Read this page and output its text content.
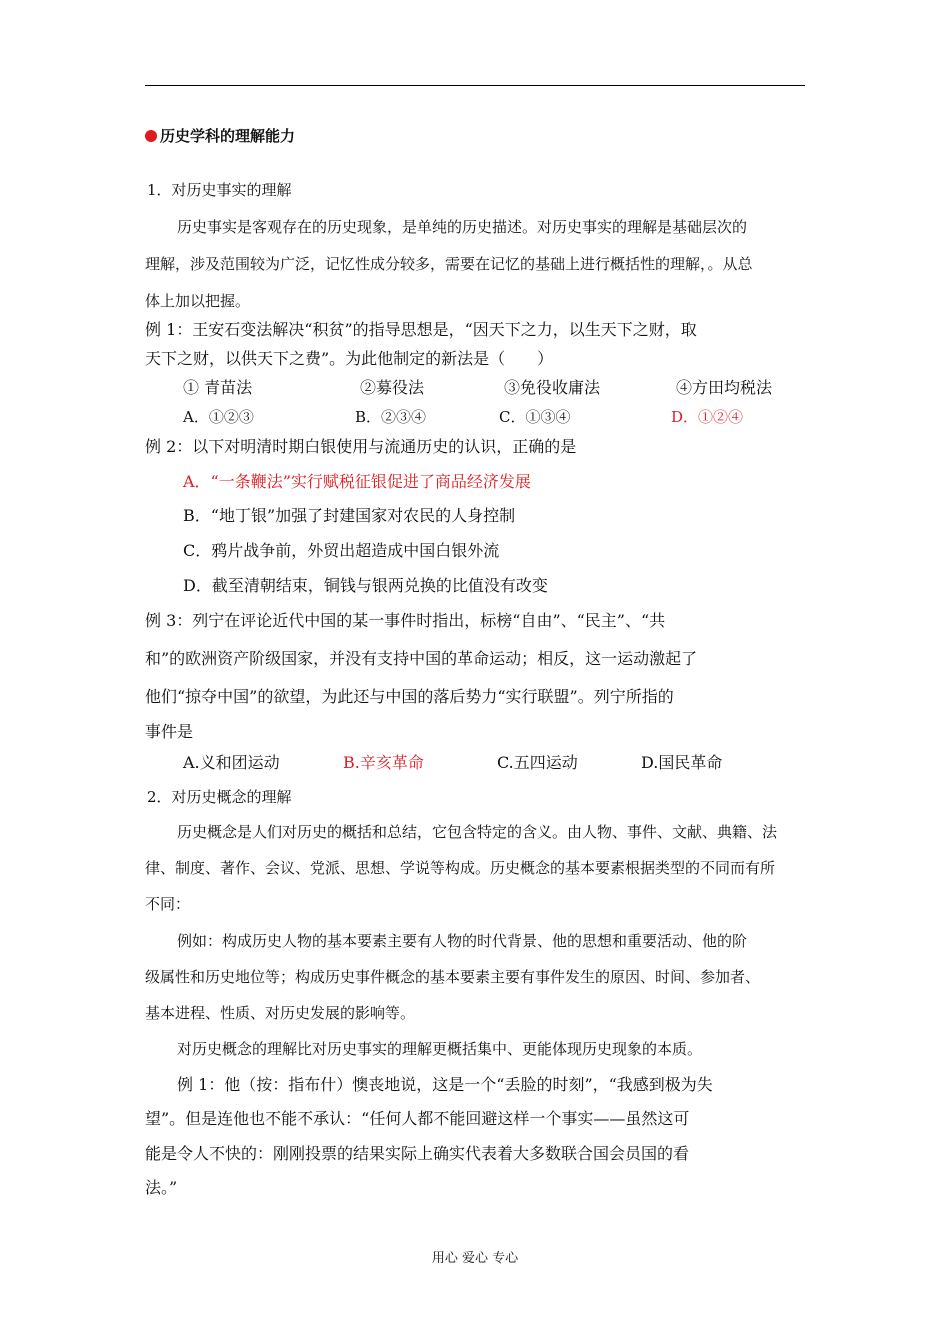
历史学科的理解能力
1．对历史事实的理解
历史事实是客观存在的历史现象，是单纯的历史描述。对历史事实的理解是基础层次的
理解，涉及范围较为广泛，记忆性成分较多，需要在记忆的基础上进行概括性的理解，。从总
体上加以把握。
例 1：王安石变法解决“积贫”的指导思想是，“因天下之力，以生天下之财，取
天下之财，以供天下之费”。为此他制定的新法是（　　）
① 青苗法	②募役法	③免役收庸法	④方田均税法
A．①②③	B．②③④	C．①③④	D．①②④
例 2：以下对明清时期白银使用与流通历史的认识，正确的是
A．“一条鞭法”实行赋税征银促进了商品经济发展
B．“地丁银”加强了封建国家对农民的人身控制
C．鸦片战争前，外贸出超造成中国白银外流
D．截至清朝结束，铜钱与银两兑换的比值没有改变
例 3：列宁在评论近代中国的某一事件时指出，标榜“自由”、“民主”、“共
和”的欧洲资产阶级国家，并没有支持中国的革命运动；相反，这一运动激起了
他们“掠夺中国”的欲望，为此还与中国的落后势力“实行联盟”。列宁所指的
事件是
A.义和团运动	B.辛亥革命	C.五四运动	D.国民革命
2．对历史概念的理解
历史概念是人们对历史的概括和总结，它包含特定的含义。由人物、事件、文献、典籍、法
律、制度、著作、会议、党派、思想、学说等构成。历史概念的基本要素根据类型的不同而有所
不同：
例如：构成历史人物的基本要素主要有人物的时代背景、他的思想和重要活动、他的阶
级属性和历史地位等；构成历史事件概念的基本要素主要有事件发生的原因、时间、参加者、
基本进程、性质、对历史发展的影响等。
对历史概念的理解比对历史事实的理解更概括集中、更能体现历史现象的本质。
例 1：他（按：指布什）懊丧地说，这是一个“丢脸的时刻”，“我感到极为失
望”。但是连他也不能不承认：“任何人都不能回避这样一个事实——虽然这可
能是令人不快的：刚刚投票的结果实际上确实代表着大多数联合国会员国的看
法。”
用心 爱心 专心
